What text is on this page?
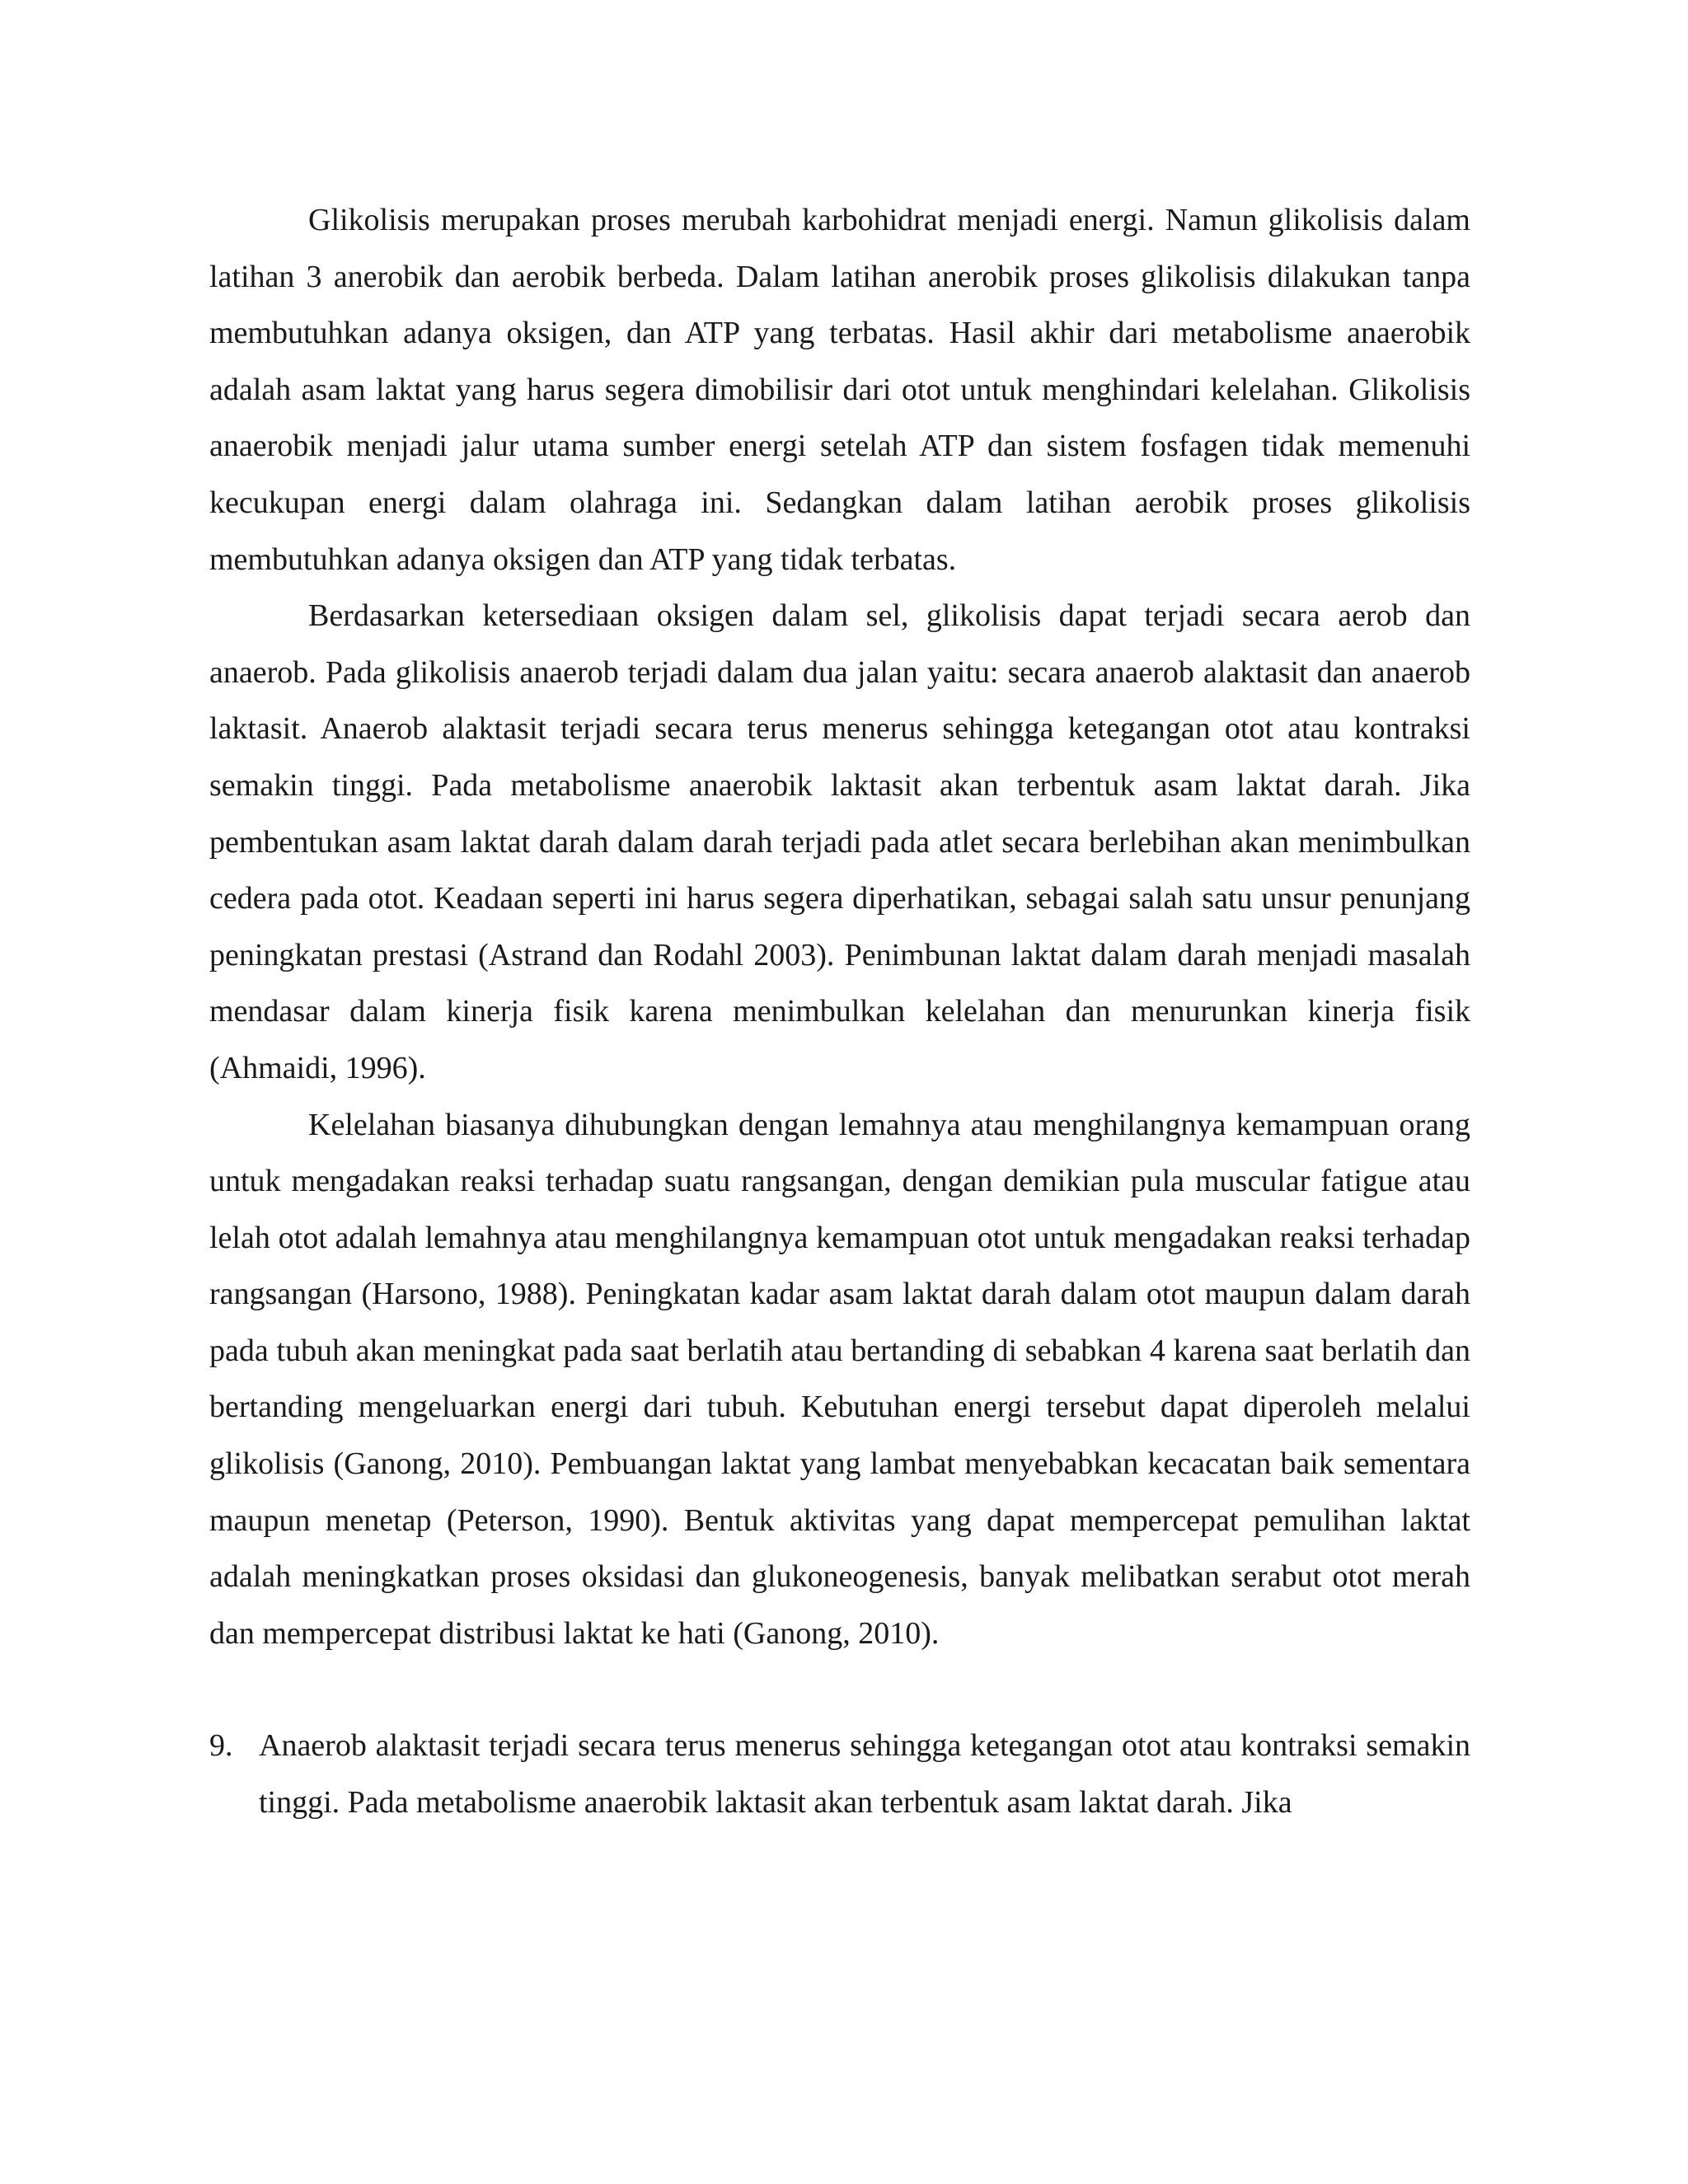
Glikolisis merupakan proses merubah karbohidrat menjadi energi. Namun glikolisis dalam latihan 3 anerobik dan aerobik berbeda. Dalam latihan anerobik proses glikolisis dilakukan tanpa membutuhkan adanya oksigen, dan ATP yang terbatas. Hasil akhir dari metabolisme anaerobik adalah asam laktat yang harus segera dimobilisir dari otot untuk menghindari kelelahan. Glikolisis anaerobik menjadi jalur utama sumber energi setelah ATP dan sistem fosfagen tidak memenuhi kecukupan energi dalam olahraga ini. Sedangkan dalam latihan aerobik proses glikolisis membutuhkan adanya oksigen dan ATP yang tidak terbatas.

Berdasarkan ketersediaan oksigen dalam sel, glikolisis dapat terjadi secara aerob dan anaerob. Pada glikolisis anaerob terjadi dalam dua jalan yaitu: secara anaerob alaktasit dan anaerob laktasit. Anaerob alaktasit terjadi secara terus menerus sehingga ketegangan otot atau kontraksi semakin tinggi. Pada metabolisme anaerobik laktasit akan terbentuk asam laktat darah. Jika pembentukan asam laktat darah dalam darah terjadi pada atlet secara berlebihan akan menimbulkan cedera pada otot. Keadaan seperti ini harus segera diperhatikan, sebagai salah satu unsur penunjang peningkatan prestasi (Astrand dan Rodahl 2003). Penimbunan laktat dalam darah menjadi masalah mendasar dalam kinerja fisik karena menimbulkan kelelahan dan menurunkan kinerja fisik (Ahmaidi, 1996).

Kelelahan biasanya dihubungkan dengan lemahnya atau menghilangnya kemampuan orang untuk mengadakan reaksi terhadap suatu rangsangan, dengan demikian pula muscular fatigue atau lelah otot adalah lemahnya atau menghilangnya kemampuan otot untuk mengadakan reaksi terhadap rangsangan (Harsono, 1988). Peningkatan kadar asam laktat darah dalam otot maupun dalam darah pada tubuh akan meningkat pada saat berlatih atau bertanding di sebabkan 4 karena saat berlatih dan bertanding mengeluarkan energi dari tubuh. Kebutuhan energi tersebut dapat diperoleh melalui glikolisis (Ganong, 2010). Pembuangan laktat yang lambat menyebabkan kecacatan baik sementara maupun menetap (Peterson, 1990). Bentuk aktivitas yang dapat mempercepat pemulihan laktat adalah meningkatkan proses oksidasi dan glukoneogenesis, banyak melibatkan serabut otot merah dan mempercepat distribusi laktat ke hati (Ganong, 2010).

9. Anaerob alaktasit terjadi secara terus menerus sehingga ketegangan otot atau kontraksi semakin tinggi. Pada metabolisme anaerobik laktasit akan terbentuk asam laktat darah. Jika
